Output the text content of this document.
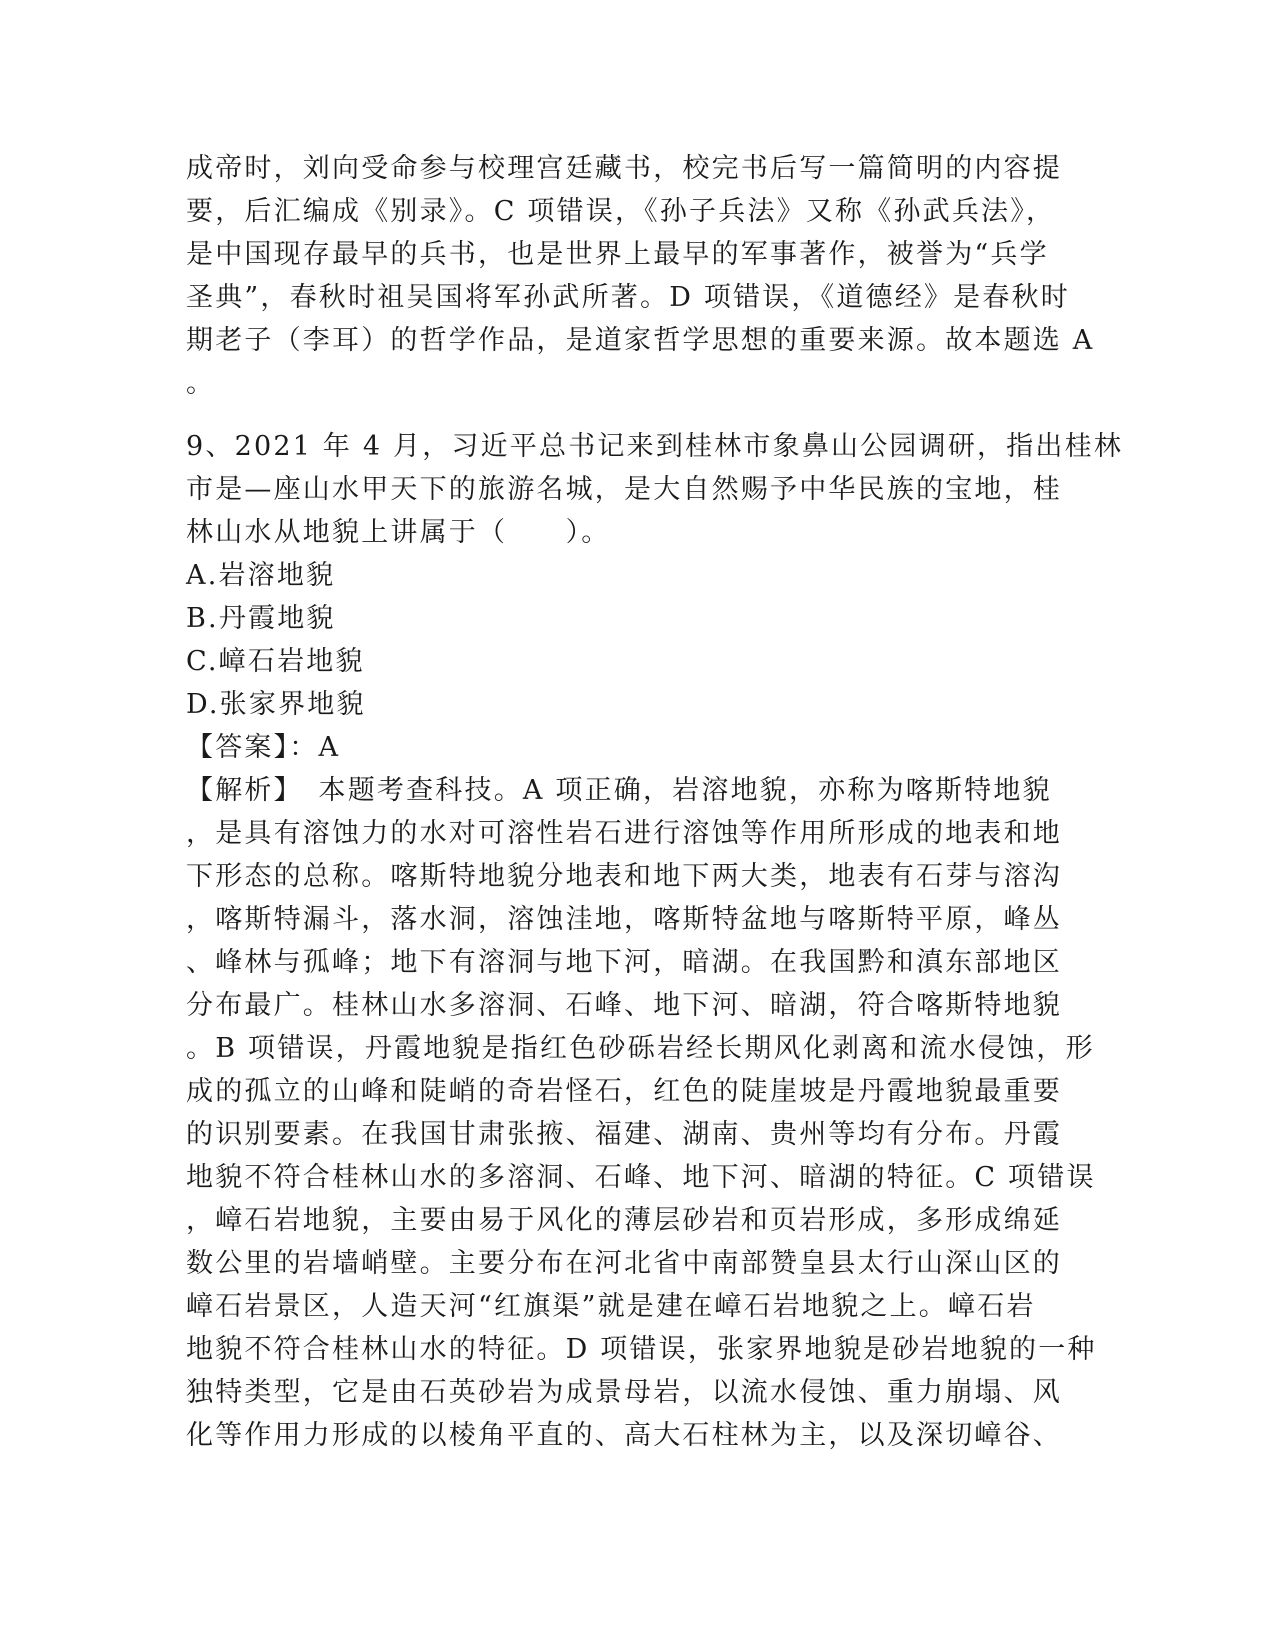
成帝时，刘向受命参与校理宫廷藏书，校完书后写一篇简明的内容提
要，后汇编成《别录》。C 项错误，《孙子兵法》又称《孙武兵法》，
是中国现存最早的兵书，也是世界上最早的军事著作，被誉为“兵学
圣典”，春秋时祖吴国将军孙武所著。D 项错误，《道德经》是春秋时
期老子（李耳）的哲学作品，是道家哲学思想的重要来源。故本题选 A
。
9、2021 年 4 月，习近平总书记来到桂林市象鼻山公园调研，指出桂林
市是—座山水甲天下的旅游名城，是大自然赐予中华民族的宝地，桂
林山水从地貌上讲属于（　　）。
A.岩溶地貌
B.丹霞地貌
C.嶂石岩地貌
D.张家界地貌
【答案】：A
【解析】　本题考查科技。A 项正确，岩溶地貌，亦称为喀斯特地貌
，是具有溶蚀力的水对可溶性岩石进行溶蚀等作用所形成的地表和地
下形态的总称。喀斯特地貌分地表和地下两大类，地表有石芽与溶沟
，喀斯特漏斗，落水洞，溶蚀洼地，喀斯特盆地与喀斯特平原，峰丛
、峰林与孤峰；地下有溶洞与地下河，暗湖。在我国黔和滇东部地区
分布最广。桂林山水多溶洞、石峰、地下河、暗湖，符合喀斯特地貌
。B 项错误，丹霞地貌是指红色砂砾岩经长期风化剥离和流水侵蚀，形
成的孤立的山峰和陡峭的奇岩怪石，红色的陡崖坡是丹霞地貌最重要
的识别要素。在我国甘肃张掖、福建、湖南、贵州等均有分布。丹霞
地貌不符合桂林山水的多溶洞、石峰、地下河、暗湖的特征。C 项错误
，嶂石岩地貌，主要由易于风化的薄层砂岩和页岩形成，多形成绵延
数公里的岩墙峭壁。主要分布在河北省中南部赞皇县太行山深山区的
嶂石岩景区，人造天河“红旗渠”就是建在嶂石岩地貌之上。嶂石岩
地貌不符合桂林山水的特征。D 项错误，张家界地貌是砂岩地貌的一种
独特类型，它是由石英砂岩为成景母岩，以流水侵蚀、重力崩塌、风
化等作用力形成的以棱角平直的、高大石柱林为主，以及深切嶂谷、
